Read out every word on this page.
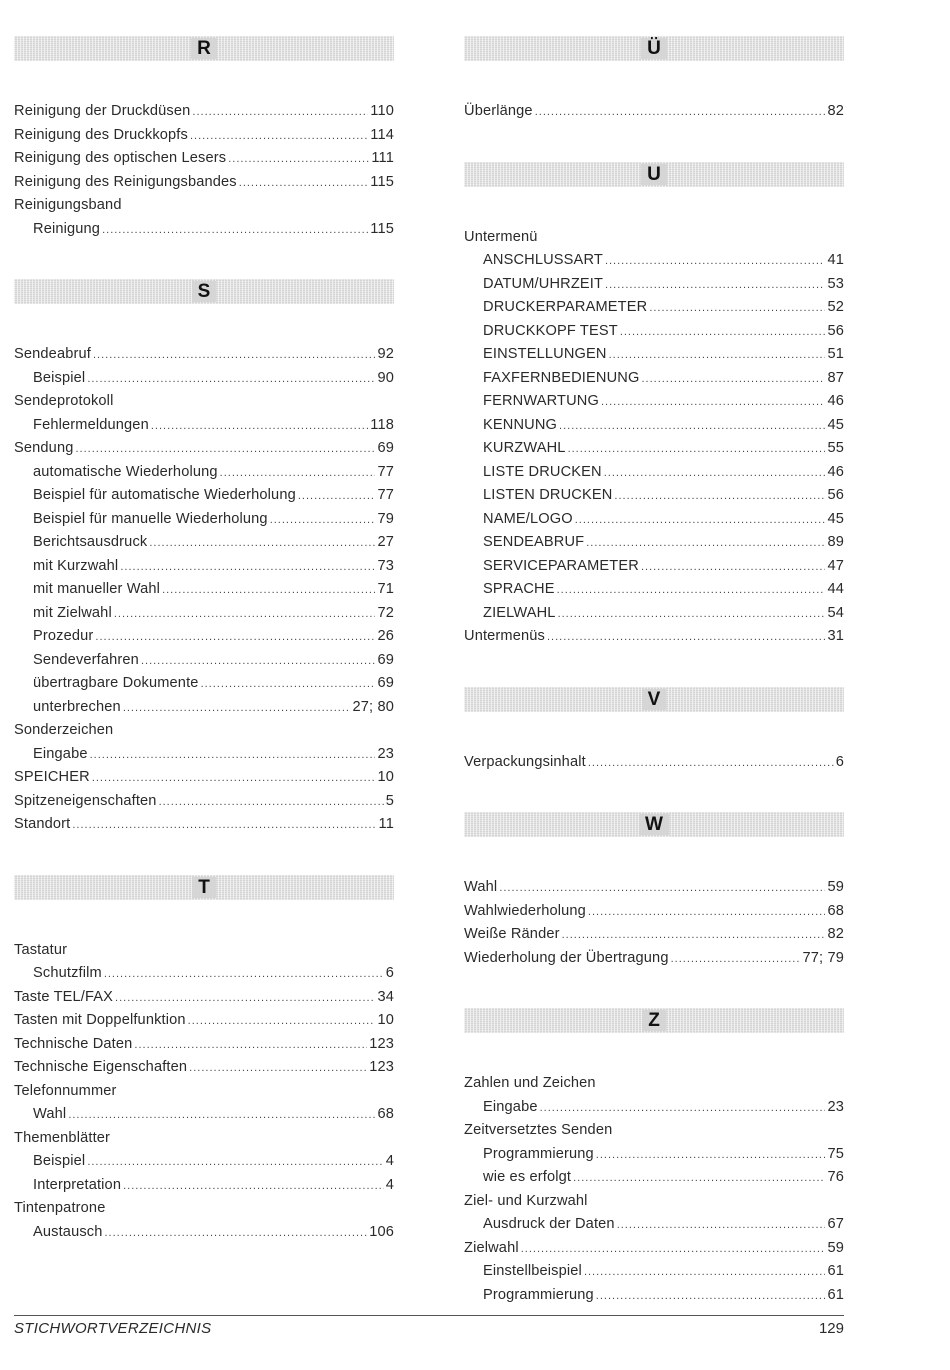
R
Reinigung der Druckdüsen .....	110
Reinigung des Druckkopfs .....	114
Reinigung des optischen Lesers .....	111
Reinigung des Reinigungsbandes .....	115
Reinigungsband
Reinigung .....	115
S
Sendeabruf .....	92
Beispiel .....	90
Sendeprotokoll
Fehlermeldungen .....	118
Sendung .....	69
automatische Wiederholung .....	77
Beispiel für automatische Wiederholung .....	77
Beispiel für manuelle Wiederholung .....	79
Berichtsausdruck .....	27
mit Kurzwahl .....	73
mit manueller Wahl .....	71
mit Zielwahl .....	72
Prozedur .....	26
Sendeverfahren .....	69
übertragbare Dokumente .....	69
unterbrechen .....	27; 80
Sonderzeichen
Eingabe .....	23
SPEICHER .....	10
Spitzeneigenschaften .....	5
Standort .....	11
T
Tastatur
Schutzfilm .....	6
Taste TEL/FAX .....	34
Tasten mit Doppelfunktion .....	10
Technische Daten .....	123
Technische Eigenschaften .....	123
Telefonnummer
Wahl .....	68
Themenblätter
Beispiel .....	4
Interpretation .....	4
Tintenpatrone
Austausch .....	106
Ü
Überlänge .....	82
U
Untermenü
ANSCHLUSSART .....	41
DATUM/UHRZEIT .....	53
DRUCKERPARAMETER .....	52
DRUCKKOPF TEST .....	56
EINSTELLUNGEN .....	51
FAXFERNBEDIENUNG .....	87
FERNWARTUNG .....	46
KENNUNG .....	45
KURZWAHL .....	55
LISTE DRUCKEN .....	46
LISTEN DRUCKEN .....	56
NAME/LOGO .....	45
SENDEABRUF .....	89
SERVICEPARAMETER .....	47
SPRACHE .....	44
ZIELWAHL .....	54
Untermenüs .....	31
V
Verpackungsinhalt .....	6
W
Wahl .....	59
Wahlwiederholung .....	68
Weiße Ränder .....	82
Wiederholung der Übertragung .....	77; 79
Z
Zahlen und Zeichen
Eingabe .....	23
Zeitversetztes Senden
Programmierung .....	75
wie es erfolgt .....	76
Ziel- und Kurzwahl
Ausdruck der Daten .....	67
Zielwahl .....	59
Einstellbeispiel .....	61
Programmierung .....	61
STICHWORTVERZEICHNIS	129
